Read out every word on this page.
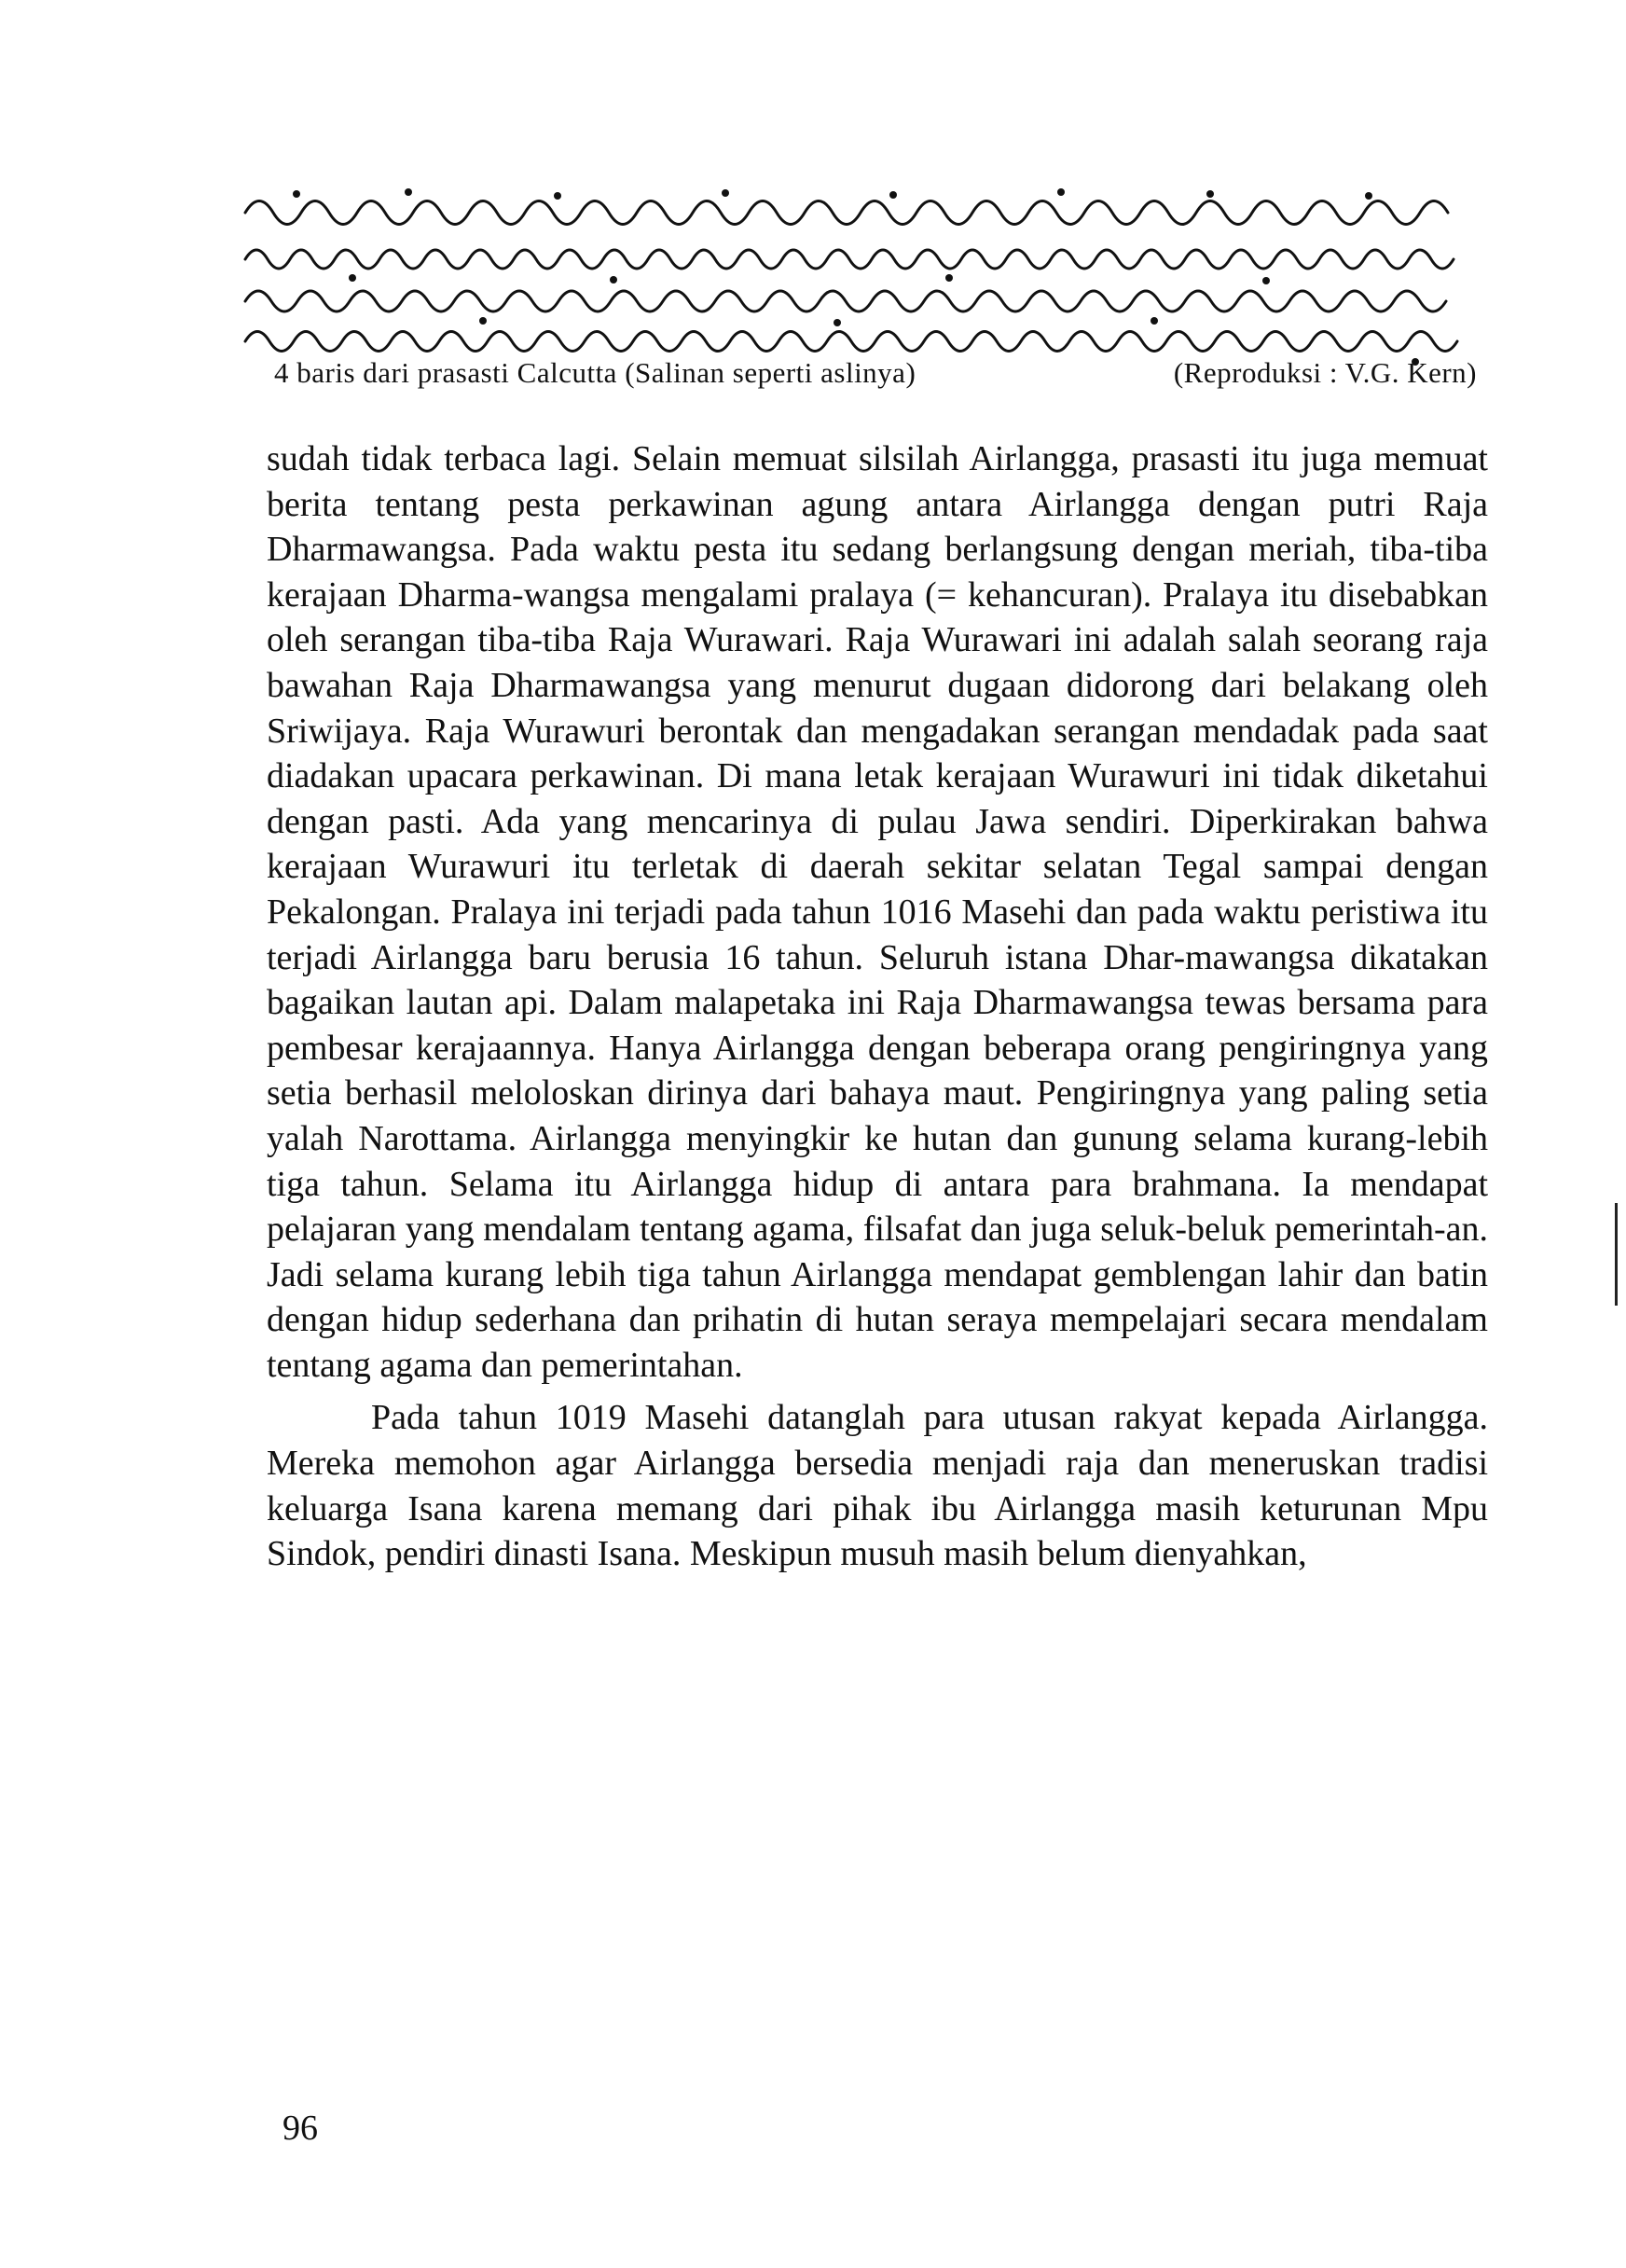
4 baris dari prasasti Calcutta (Salinan seperti aslinya)	(Reproduksi : V.G. Kern)

sudah tidak terbaca lagi. Selain memuat silsilah Airlangga, prasasti itu juga memuat berita tentang pesta perkawinan agung antara Airlangga dengan putri Raja Dharmawangsa. Pada waktu pesta itu sedang berlangsung dengan meriah, tiba-tiba kerajaan Dharma-wangsa mengalami pralaya (= kehancuran). Pralaya itu disebabkan oleh serangan tiba-tiba Raja Wurawari. Raja Wurawari ini adalah salah seorang raja bawahan Raja Dharmawangsa yang menurut dugaan didorong dari belakang oleh Sriwijaya. Raja Wurawuri berontak dan mengadakan serangan mendadak pada saat diadakan upacara perkawinan. Di mana letak kerajaan Wurawuri ini tidak diketahui dengan pasti. Ada yang mencarinya di pulau Jawa sendiri. Diperkirakan bahwa kerajaan Wurawuri itu terletak di daerah sekitar selatan Tegal sampai dengan Pekalongan. Pralaya ini terjadi pada tahun 1016 Masehi dan pada waktu peristiwa itu terjadi Airlangga baru berusia 16 tahun. Seluruh istana Dhar-mawangsa dikatakan bagaikan lautan api. Dalam malapetaka ini Raja Dharmawangsa tewas bersama para pembesar kerajaannya. Hanya Airlangga dengan beberapa orang pengiringnya yang setia berhasil meloloskan dirinya dari bahaya maut. Pengiringnya yang paling setia yalah Narottama. Airlangga menyingkir ke hutan dan gunung selama kurang-lebih tiga tahun. Selama itu Airlangga hidup di antara para brahmana. Ia mendapat pelajaran yang mendalam tentang agama, filsafat dan juga seluk-beluk pemerintah-an. Jadi selama kurang lebih tiga tahun Airlangga mendapat gemblengan lahir dan batin dengan hidup sederhana dan prihatin di hutan seraya mempelajari secara mendalam tentang agama dan pemerintahan.

Pada tahun 1019 Masehi datanglah para utusan rakyat kepada Airlangga. Mereka memohon agar Airlangga bersedia menjadi raja dan meneruskan tradisi keluarga Isana karena memang dari pihak ibu Airlangga masih keturunan Mpu Sindok, pendiri dinasti Isana. Meskipun musuh masih belum dienyahkan,

96
